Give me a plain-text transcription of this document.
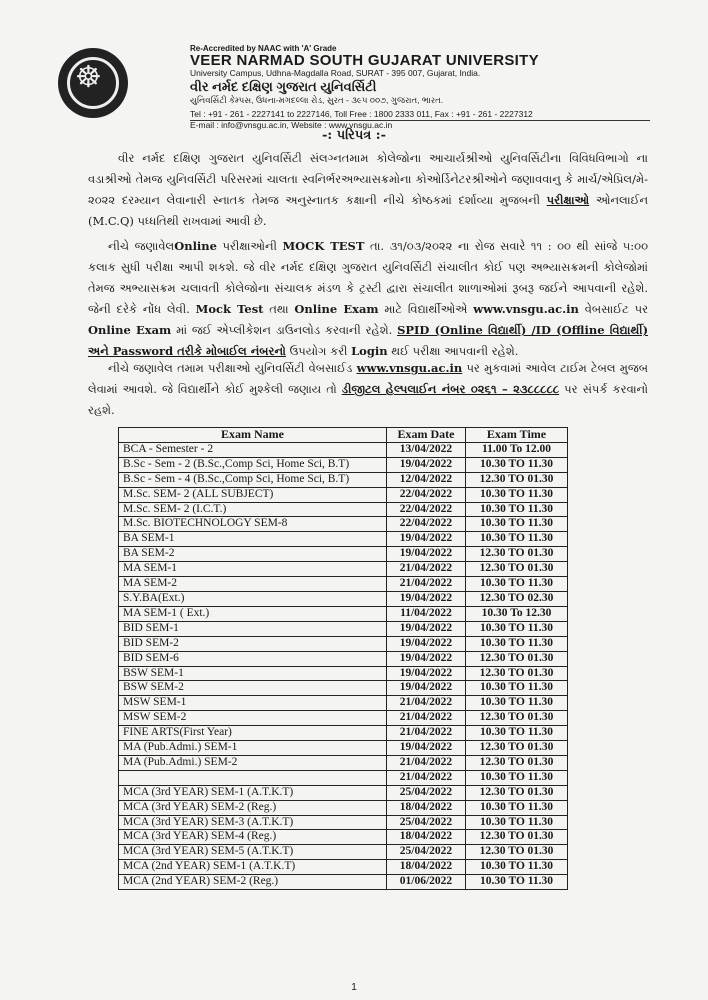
☸
Re-Accredited by NAAC with 'A' Grade
VEER NARMAD SOUTH GUJARAT UNIVERSITY
University Campus, Udhna-Magdalla Road, SURAT - 395 007, Gujarat, India.
વીર નર્મદ દક્ષિણ ગુજરાત યુનિવર્સિટી
યુનિવર્સિટી કેમ્પસ, ઉધના-મગદલ્લા રોડ, સુરત - ૩૯૫ ૦૦૭, ગુજરાત, ભારત.
Tel : +91 - 261 - 2227141 to 2227146, Toll Free : 1800 2333 011, Fax : +91 - 261 - 2227312
E-mail : info@vnsgu.ac.in, Website : www.vnsgu.ac.in
-: પરિપત્ર :-
વીર નર્મદ દક્ષિણ ગુજરાત યુનિવર્સિટી સંલગ્નતમામ કોલેજોના આચાર્યશ્રીઓ યુનિવર્સિટીના વિવિધવિભાગો ના વડાશ્રીઓ તેમજ યુનિવર્સિટી પરિસરમાં ચાલતા સ્વનિર્ભરઅભ્યાસક્રમોના કોઓર્ડિનેટરશ્રીઓને જણાવવાનુ કે માર્ચ/એપ્રિલ/મે- ૨૦૨૨ દરમ્યાન લેવાનારી સ્નાતક તેમજ અનુસ્નાતક કક્ષાની નીચે કોષ્ઠકમાં દર્શાવ્યા મુજબની પરીક્ષાઓ ઓનલાઈન (M.C.Q) પધ્ધતિથી રાખવામાં આવી છે.
નીચે જણાવેલOnline પરીક્ષાઓની MOCK TEST તા. ૩૧/૦૩/૨૦૨૨ ના રોજ સવારે ૧૧ : ૦૦ થી સાંજે ૫:૦૦ કલાક સુધી પરીક્ષા આપી શકશે. જે વીર નર્મદ દક્ષિણ ગુજરાત યુનિવર્સિટી સંચાલીત કોઈ પણ અભ્યાસક્રમની કોલેજોમાં તેમજ અભ્યાસક્રમ ચલાવતી કોલેજોના સંચાલક મંડળ કે ટ્રસ્ટી દ્વારા સંચાલીત શાળાઓમાં રૂબરૂ જઈને આપવાની રહેશે. જેની દરેકે નોંધ લેવી. Mock Test તથા Online Exam માટે વિદ્યાર્થીઓએ www.vnsgu.ac.in વેબસાઈટ પર Online Exam માં જઈ એપ્લીકેશન ડાઉનલોડ કરવાની રહેશે. SPID (Online વિદ્યાર્થી) /ID (Offline વિદ્યાર્થી) અને Password તરીકે મોબાઈલ નંબરનો ઉપયોગ કરી Login થઈ પરીક્ષા આપવાની રહેશે.
નીચે જણાવેલ તમામ પરીક્ષાઓ યુનિવર્સિટી વેબસાઈડ www.vnsgu.ac.in પર મુકવામાં આવેલ ટાઈમ ટેબલ મુજબ લેવામાં આવશે. જે વિદ્યાર્થીને કોઈ મુશ્કેલી જણાય તો ડીજીટલ હેલ્પલાઈન નંબર ૦૨૬૧ – ૨૩૮૮૮૮૮ પર સંપર્ક કરવાનો રહશે.
Exam Name	Exam Date	Exam Time
BCA - Semester - 2	13/04/2022	11.00 To 12.00
B.Sc - Sem - 2 (B.Sc.,Comp Sci, Home Sci, B.T)	19/04/2022	10.30 TO 11.30
B.Sc - Sem - 4 (B.Sc.,Comp Sci, Home Sci, B.T)	12/04/2022	12.30 TO 01.30
M.Sc. SEM- 2 (ALL SUBJECT)	22/04/2022	10.30 TO 11.30
M.Sc. SEM- 2 (I.C.T.)	22/04/2022	10.30 TO 11.30
M.Sc. BIOTECHNOLOGY SEM-8	22/04/2022	10.30 TO 11.30
BA SEM-1	19/04/2022	10.30 TO 11.30
BA SEM-2	19/04/2022	12.30 TO 01.30
MA SEM-1	21/04/2022	12.30 TO 01.30
MA SEM-2	21/04/2022	10.30 TO 11.30
S.Y.BA(Ext.)	19/04/2022	12.30 TO 02.30
MA SEM-1 ( Ext.)	11/04/2022	10.30 To 12.30
BID SEM-1	19/04/2022	10.30 TO 11.30
BID SEM-2	19/04/2022	10.30 TO 11.30
BID SEM-6	19/04/2022	12.30 TO 01.30
BSW SEM-1	19/04/2022	12.30 TO 01.30
BSW SEM-2	19/04/2022	10.30 TO 11.30
MSW SEM-1	21/04/2022	10.30 TO 11.30
MSW SEM-2	21/04/2022	12.30 TO 01.30
FINE ARTS(First Year)	21/04/2022	10.30 TO 11.30
MA (Pub.Admi.) SEM-1	19/04/2022	12.30 TO 01.30
MA (Pub.Admi.) SEM-2	21/04/2022	12.30 TO 01.30
	21/04/2022	10.30 TO 11.30
MCA (3rd YEAR) SEM-1 (A.T.K.T)	25/04/2022	12.30 TO 01.30
MCA (3rd YEAR) SEM-2 (Reg.)	18/04/2022	10.30 TO 11.30
MCA (3rd YEAR) SEM-3 (A.T.K.T)	25/04/2022	10.30 TO 11.30
MCA (3rd YEAR) SEM-4 (Reg.)	18/04/2022	12.30 TO 01.30
MCA (3rd YEAR) SEM-5 (A.T.K.T)	25/04/2022	12.30 TO 01.30
MCA (2nd YEAR) SEM-1 (A.T.K.T)	18/04/2022	10.30 TO 11.30
MCA (2nd YEAR) SEM-2 (Reg.)	01/06/2022	10.30 TO 11.30
1
